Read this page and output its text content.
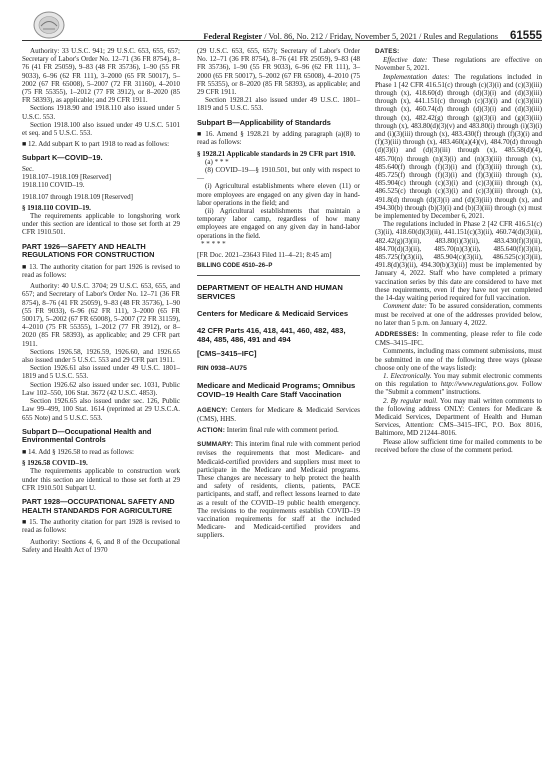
Federal Register / Vol. 86, No. 212 / Friday, November 5, 2021 / Rules and Regulations 61555

Authority: 33 U.S.C. 941; 29 U.S.C. 653, 655, 657; Secretary of Labor's Order No. 12–71 (36 FR 8754), 8–76 (41 FR 25059), 9–83 (48 FR 35736), 1–90 (55 FR 9033), 6–96 (62 FR 111), 3–2000 (65 FR 50017), 5–2002 (67 FR 65008), 5–2007 (72 FR 31160), 4–2010 (75 FR 55355), 1–2012 (77 FR 3912), or 8–2020 (85 FR 58393), as applicable; and 29 CFR 1911.

Sections 1918.90 and 1918.110 also issued under 5 U.S.C. 553.

Section 1918.100 also issued under 49 U.S.C. 5101 et seq. and 5 U.S.C. 553.

■ 12. Add subpart K to part 1918 to read as follows:

Subpart K—COVID–19.

Sec.

1918.107–1918.109 [Reserved]

1918.110 COVID–19.

1918.107 through 1918.109 [Reserved]

§ 1918.110 COVID–19.

The requirements applicable to longshoring work under this section are identical to those set forth at 29 CFR 1910.501.

PART 1926—SAFETY AND HEALTH REGULATIONS FOR CONSTRUCTION

■ 13. The authority citation for part 1926 is revised to read as follows:

Authority: 40 U.S.C. 3704; 29 U.S.C. 653, 655, and 657; and Secretary of Labor's Order No. 12–71 (36 FR 8754), 8–76 (41 FR 25059), 9–83 (48 FR 35736), 1–90 (55 FR 9033), 6–96 (62 FR 111), 3–2000 (65 FR 50017), 5–2002 (67 FR 65008), 5–2007 (72 FR 31159), 4–2010 (75 FR 55355), 1–2012 (77 FR 3912), or 8–2020 (85 FR 58393), as applicable; and 29 CFR part 1911.

Sections 1926.58, 1926.59, 1926.60, and 1926.65 also issued under 5 U.S.C. 553 and 29 CFR part 1911.

Section 1926.61 also issued under 49 U.S.C. 1801–1819 and 5 U.S.C. 553.

Section 1926.62 also issued under sec. 1031, Public Law 102–550, 106 Stat. 3672 (42 U.S.C. 4853).

Section 1926.65 also issued under sec. 126, Public Law 99–499, 100 Stat. 1614 (reprinted at 29 U.S.C.A. 655 Note) and 5 U.S.C. 553.

Subpart D—Occupational Health and Environmental Controls

■ 14. Add § 1926.58 to read as follows:

§ 1926.58 COVID–19.

The requirements applicable to construction work under this section are identical to those set forth at 29 CFR 1910.501 Subpart U.

PART 1928—OCCUPATIONAL SAFETY AND HEALTH STANDARDS FOR AGRICULTURE

■ 15. The authority citation for part 1928 is revised to read as follows:

Authority: Sections 4, 6, and 8 of the Occupational Safety and Health Act of 1970

(29 U.S.C. 653, 655, 657); Secretary of Labor's Order No. 12–71 (36 FR 8754), 8–76 (41 FR 25059), 9–83 (48 FR 35736), 1–90 (55 FR 9033), 6–96 (62 FR 111), 3–2000 (65 FR 50017), 5–2002 (67 FR 65008), 4–2010 (75 FR 55355), or 8–2020 (85 FR 58393), as applicable; and 29 CFR 1911.

Section 1928.21 also issued under 49 U.S.C. 1801–1819 and 5 U.S.C. 553.

Subpart B—Applicability of Standards

■ 16. Amend § 1928.21 by adding paragraph (a)(8) to read as follows:

§ 1928.21 Applicable standards in 29 CFR part 1910.

(a) * * *

(8) COVID–19—§ 1910.501, but only with respect to—

(i) Agricultural establishments where eleven (11) or more employees are engaged on any given day in hand-labor operations in the field; and

(ii) Agricultural establishments that maintain a temporary labor camp, regardless of how many employees are engaged on any given day in hand-labor operations in the field.

* * * * *

[FR Doc. 2021–23643 Filed 11–4–21; 8:45 am]

BILLING CODE 4510–26–P
DEPARTMENT OF HEALTH AND HUMAN SERVICES
Centers for Medicare & Medicaid Services
42 CFR Parts 416, 418, 441, 460, 482, 483, 484, 485, 486, 491 and 494
[CMS–3415–IFC]
RIN 0938–AU75
Medicare and Medicaid Programs; Omnibus COVID–19 Health Care Staff Vaccination

AGENCY: Centers for Medicare & Medicaid Services (CMS), HHS.

ACTION: Interim final rule with comment period.

SUMMARY: This interim final rule with comment period revises the requirements that most Medicare- and Medicaid-certified providers and suppliers must meet to participate in the Medicare and Medicaid programs. These changes are necessary to help protect the health and safety of residents, clients, patients, PACE participants, and staff, and reflect lessons learned to date as a result of the COVID–19 public health emergency. The revisions to the requirements establish COVID–19 vaccination requirements for staff at the included Medicare- and Medicaid-certified providers and suppliers.

DATES:

Effective date: These regulations are effective on November 5, 2021.

Implementation dates: The regulations included in Phase 1 [42 CFR 416.51(c) through (c)(3)(i) and (c)(3)(iii) through (x), 418.60(d) through (d)(3)(i) and (d)(3)(iii) through (x), 441.151(c) through (c)(3)(i) and (c)(3)(iii) through (x), 460.74(d) through (d)(3)(i) and (d)(3)(iii) through (x), 482.42(g) through (g)(3)(i) and (g)(3)(iii) through (x), 483.80(d)(3)(v) and 483.80(i) through (i)(3)(i) and (i)(3)(iii) through (x), 483.430(f) through (f)(3)(i) and (f)(3)(iii) through (x), 483.460(a)(4)(v), 484.70(d) through (d)(3)(i) and (d)(3)(iii) through (x), 485.58(d)(4), 485.70(n) through (n)(3)(i) and (n)(3)(iii) through (x), 485.640(f) through (f)(3)(i) and (f)(3)(iii) through (x), 485.725(f) through (f)(3)(i) and (f)(3)(iii) through (x), 485.904(c) through (c)(3)(i) and (c)(3)(iii) through (x), 486.525(c) through (c)(3)(i) and (c)(3)(iii) through (x), 491.8(d) through (d)(3)(i) and (d)(3)(iii) through (x), and 494.30(b) through (b)(3)(i) and (b)(3)(iii) through (x) must be implemented by December 6, 2021.

The regulations included in Phase 2 [42 CFR 416.51(c)(3)(ii), 418.60(d)(3)(ii), 441.151(c)(3)(ii), 460.74(d)(3)(ii), 482.42(g)(3)(ii), 483.80(i)(3)(ii), 483.430(f)(3)(ii), 484.70(d)(3)(ii), 485.70(n)(3)(ii), 485.640(f)(3)(ii), 485.725(f)(3)(ii), 485.904(c)(3)(ii), 486.525(c)(3)(ii), 491.8(d)(3)(ii), 494.30(b)(3)(ii)] must be implemented by January 4, 2022. Staff who have completed a primary vaccination series by this date are considered to have met these requirements, even if they have not yet completed the 14-day waiting period required for full vaccination.

Comment date: To be assured consideration, comments must be received at one of the addresses provided below, no later than 5 p.m. on January 4, 2022.

ADDRESSES: In commenting, please refer to file code CMS–3415–IFC.

Comments, including mass comment submissions, must be submitted in one of the following three ways (please choose only one of the ways listed):

1. Electronically. You may submit electronic comments on this regulation to http://www.regulations.gov. Follow the "Submit a comment" instructions.

2. By regular mail. You may mail written comments to the following address ONLY: Centers for Medicare & Medicaid Services, Department of Health and Human Services, Attention: CMS–3415–IFC, P.O. Box 8016, Baltimore, MD 21244–8016.

Please allow sufficient time for mailed comments to be received before the close of the comment period.
